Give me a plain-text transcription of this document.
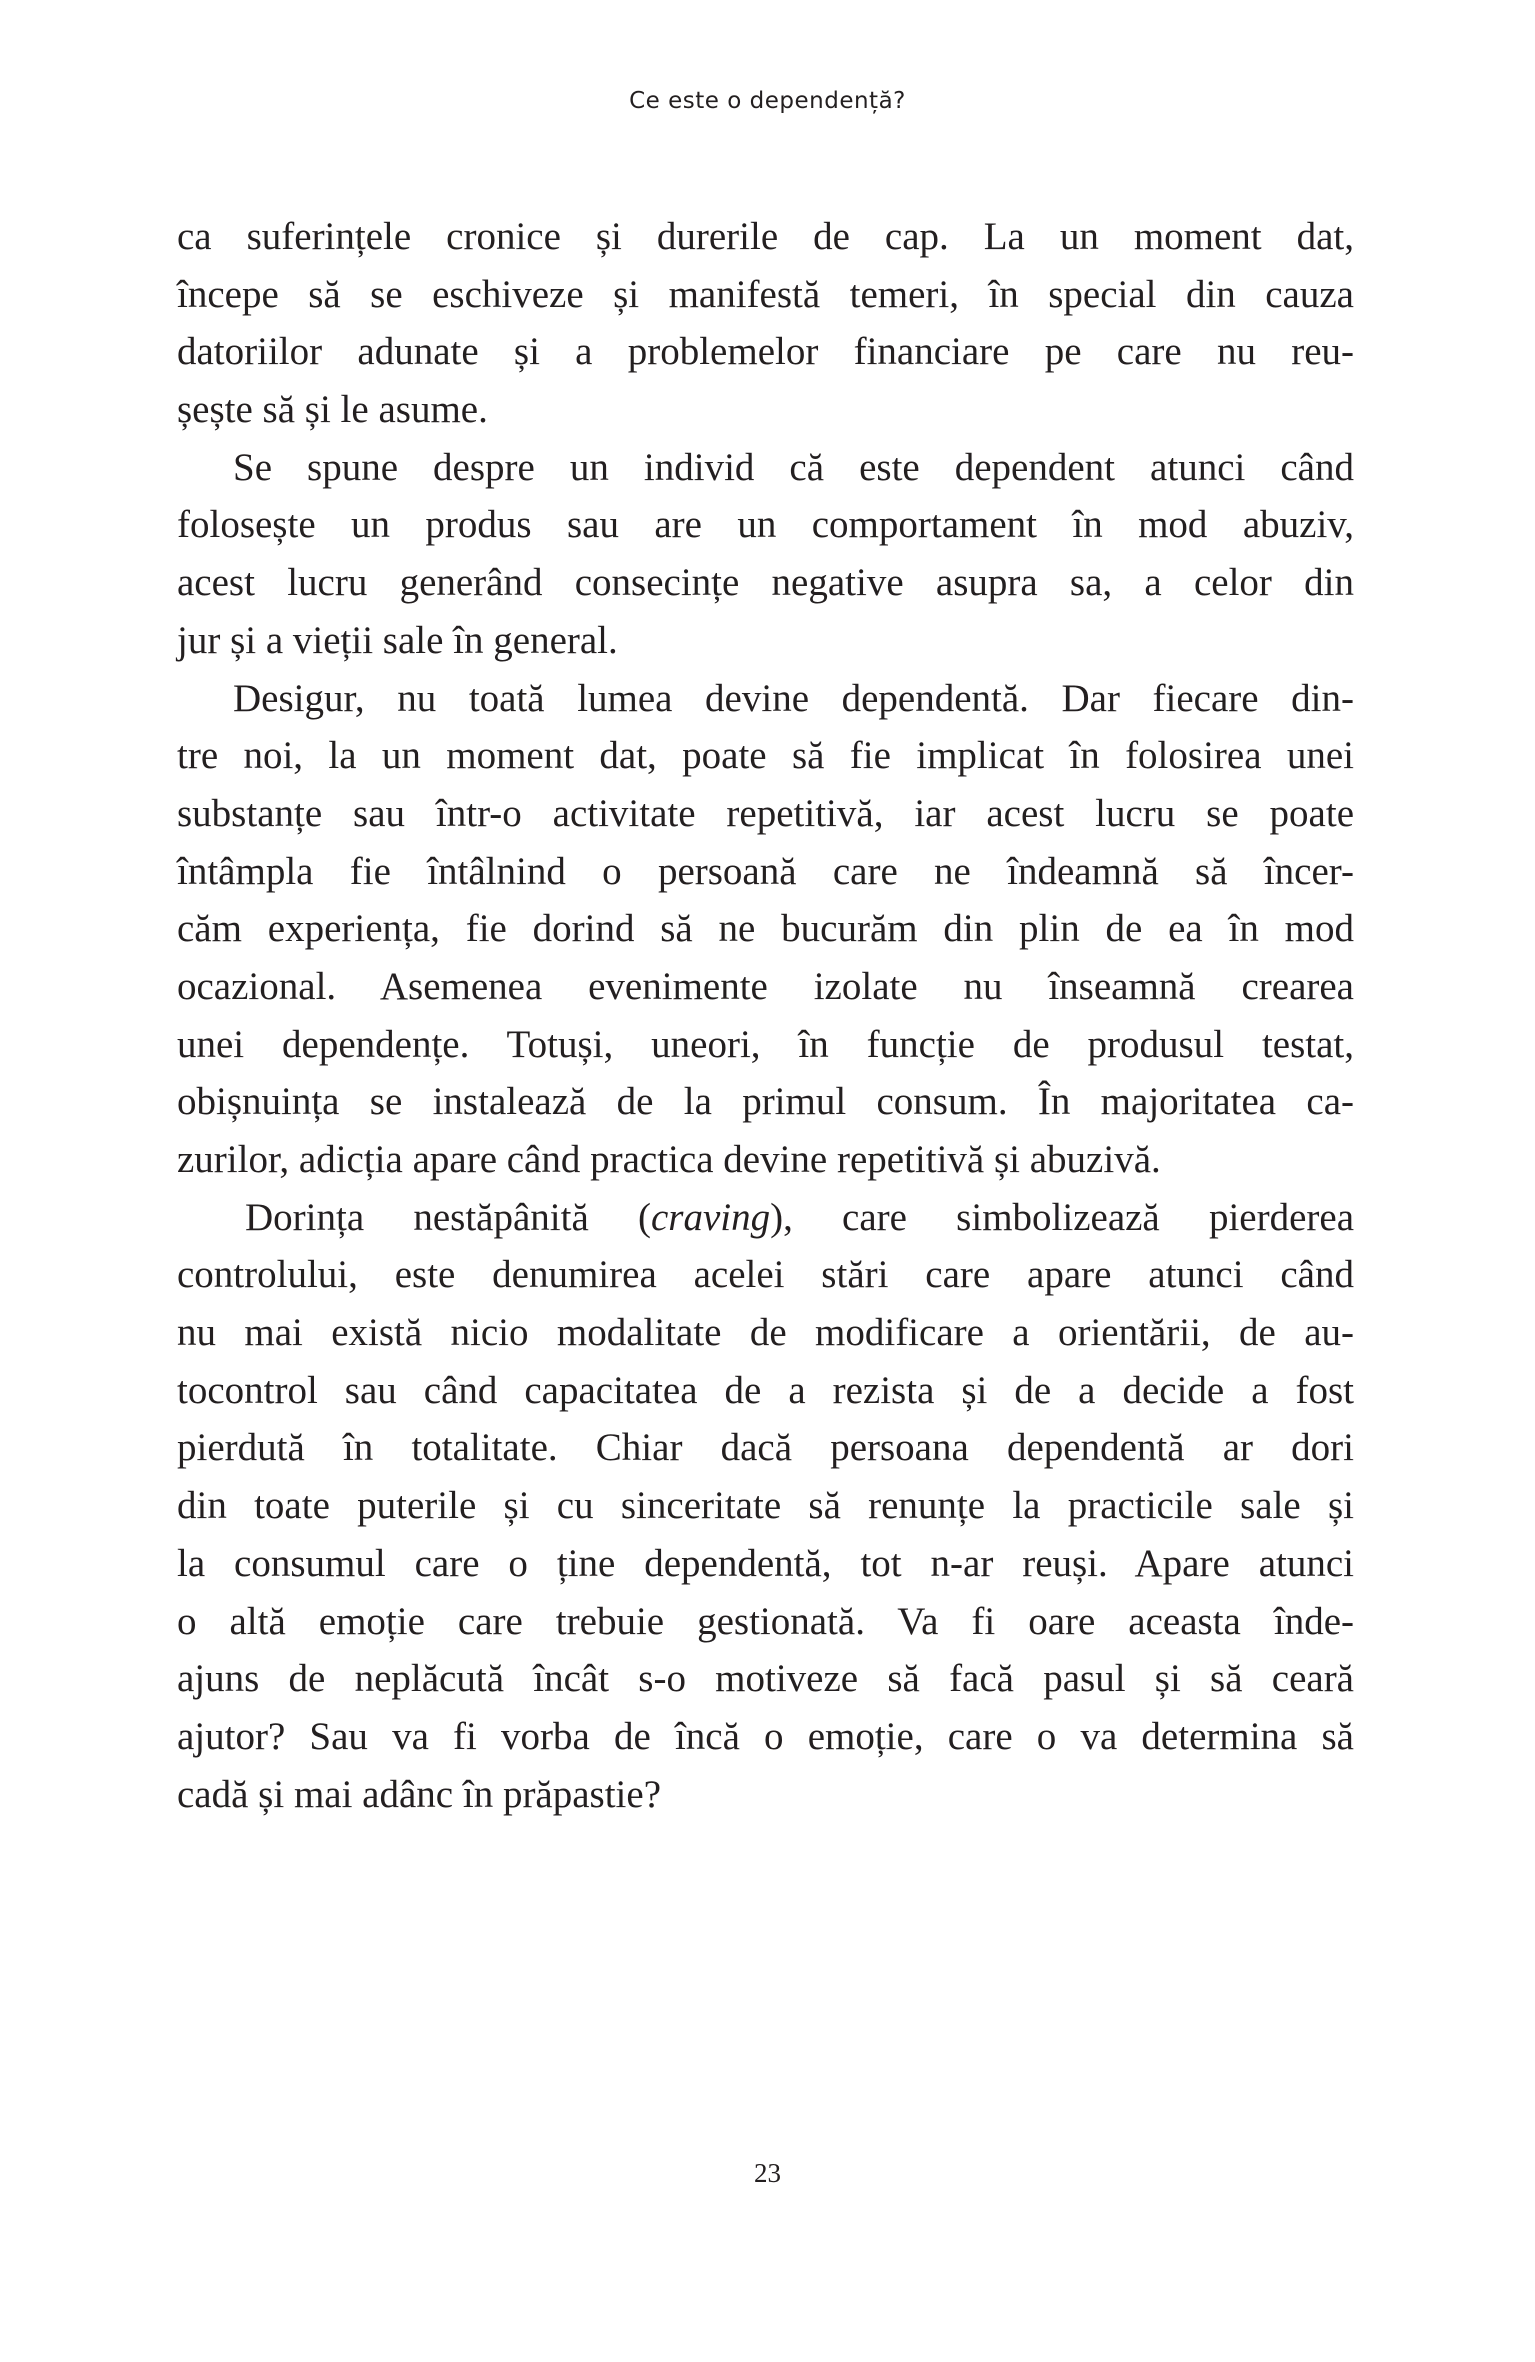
Ce este o dependență?
ca suferințele cronice și durerile de cap. La un moment dat,
începe să se eschiveze și manifestă temeri, în special din cauza
datoriilor adunate și a problemelor financiare pe care nu reu-
șește să și le asume.
Se spune despre un individ că este dependent atunci când
folosește un produs sau are un comportament în mod abuziv,
acest lucru generând consecințe negative asupra sa, a celor din
jur și a vieții sale în general.
Desigur, nu toată lumea devine dependentă. Dar fiecare din-
tre noi, la un moment dat, poate să fie implicat în folosirea unei
substanțe sau într-o activitate repetitivă, iar acest lucru se poate
întâmpla fie întâlnind o persoană care ne îndeamnă să încer-
căm experiența, fie dorind să ne bucurăm din plin de ea în mod
ocazional. Asemenea evenimente izolate nu înseamnă crearea
unei dependențe. Totuși, uneori, în funcție de produsul testat,
obișnuința se instalează de la primul consum. În majoritatea ca-
zurilor, adicția apare când practica devine repetitivă și abuzivă.
Dorința nestăpânită (craving), care simbolizează pierderea
controlului, este denumirea acelei stări care apare atunci când
nu mai există nicio modalitate de modificare a orientării, de au-
tocontrol sau când capacitatea de a rezista și de a decide a fost
pierdută în totalitate. Chiar dacă persoana dependentă ar dori
din toate puterile și cu sinceritate să renunțe la practicile sale și
la consumul care o ține dependentă, tot n-ar reuși. Apare atunci
o altă emoție care trebuie gestionată. Va fi oare aceasta înde-
ajuns de neplăcută încât s-o motiveze să facă pasul și să ceară
ajutor? Sau va fi vorba de încă o emoție, care o va determina să
cadă și mai adânc în prăpastie?
23
